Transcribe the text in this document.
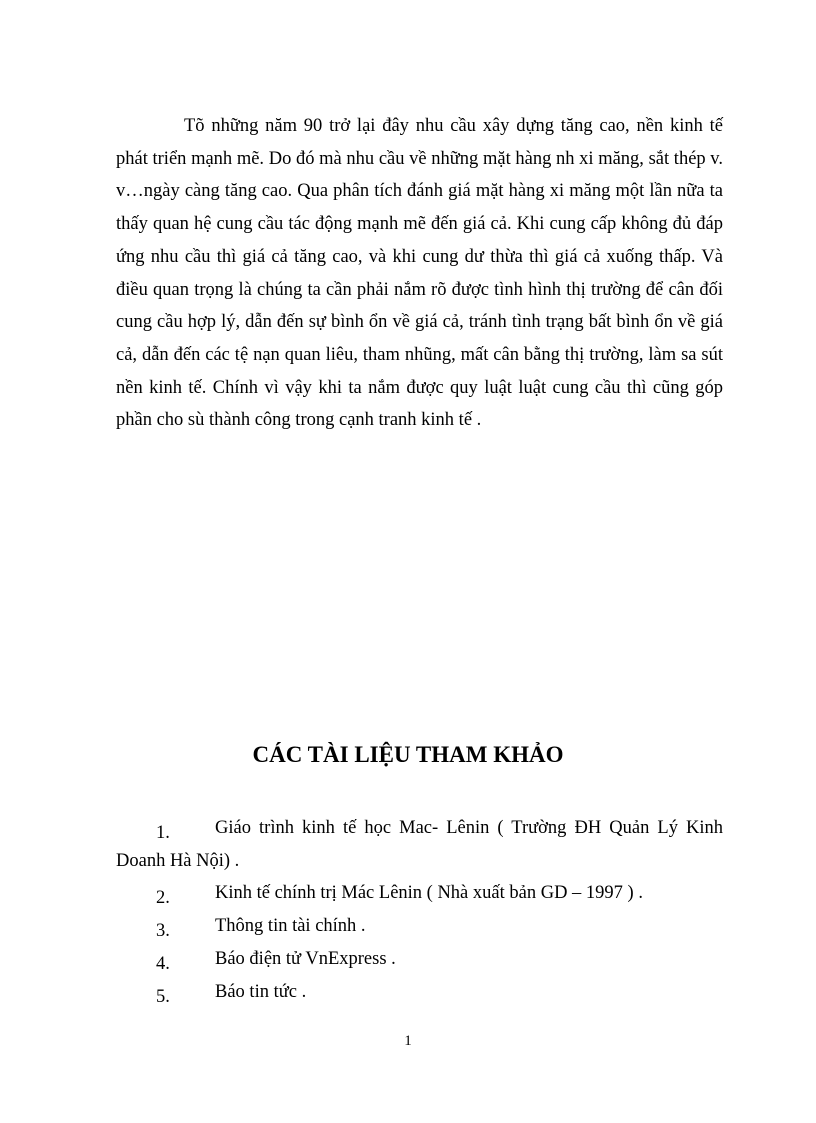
Tõ những năm 90 trở lại đây nhu cầu xây dựng tăng cao, nền kinh tế phát triển mạnh mẽ. Do đó mà nhu cầu về những mặt hàng nh xi măng, sắt thép v. v…ngày càng tăng cao. Qua phân tích đánh giá mặt hàng xi măng một lần nữa ta thấy quan hệ cung cầu tác động mạnh mẽ đến giá cả. Khi cung cấp không đủ đáp ứng nhu cầu thì giá cả tăng cao, và khi cung dư thừa thì giá cả xuống thấp. Và điều quan trọng là chúng ta cần phải nắm rõ được tình hình thị trường để cân đối cung cầu hợp lý, dẫn đến sự bình ổn về giá cả, tránh tình trạng bất bình ổn về giá cả, dẫn đến các tệ nạn quan liêu, tham nhũng, mất cân bằng thị trường, làm sa sút nền kinh tế. Chính vì vậy khi ta nắm được quy luật luật cung cầu thì cũng góp phần cho sù thành công trong cạnh tranh kinh tế .

CÁC TÀI LIỆU THAM KHẢO
1.	Giáo trình kinh tế học Mac- Lênin ( Trường ĐH Quản Lý Kinh Doanh Hà Nội) .
2.	Kinh tế chính trị Mác Lênin ( Nhà xuất bản GD – 1997 ) .
3.	Thông tin tài chính .
4.	Báo điện tử VnExpress .
5.	Báo tin tức .
1
